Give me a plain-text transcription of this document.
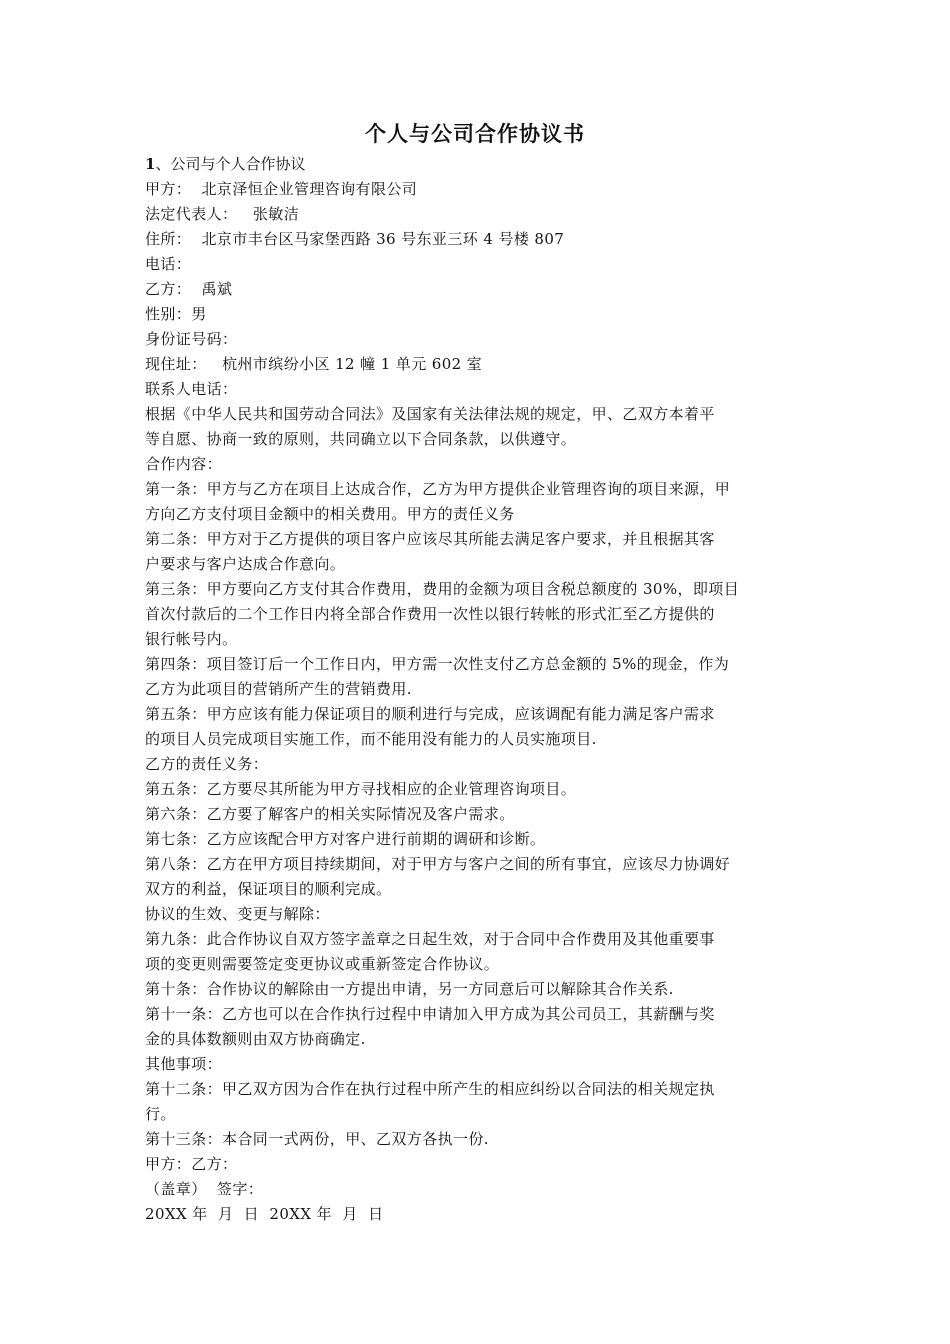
个人与公司合作协议书
1、公司与个人合作协议
甲方：  北京泽恒企业管理咨询有限公司
法定代表人：   张敏洁
住所：  北京市丰台区马家堡西路 36 号东亚三环 4 号楼 807
电话：
乙方：  禹斌
性别：男
身份证号码：
现住址：   杭州市缤纷小区 12 幢 1 单元 602 室
联系人电话：
根据《中华人民共和国劳动合同法》及国家有关法律法规的规定，甲、乙双方本着平
等自愿、协商一致的原则，共同确立以下合同条款，以供遵守。
合作内容：
第一条：甲方与乙方在项目上达成合作，乙方为甲方提供企业管理咨询的项目来源，甲
方向乙方支付项目金额中的相关费用。甲方的责任义务
第二条：甲方对于乙方提供的项目客户应该尽其所能去满足客户要求，并且根据其客
户要求与客户达成合作意向。
第三条：甲方要向乙方支付其合作费用，费用的金额为项目含税总额度的 30%，即项目
首次付款后的二个工作日内将全部合作费用一次性以银行转帐的形式汇至乙方提供的
银行帐号内。
第四条：项目签订后一个工作日内，甲方需一次性支付乙方总金额的 5%的现金，作为
乙方为此项目的营销所产生的营销费用.
第五条：甲方应该有能力保证项目的顺利进行与完成，应该调配有能力满足客户需求
的项目人员完成项目实施工作，而不能用没有能力的人员实施项目.
乙方的责任义务：
第五条：乙方要尽其所能为甲方寻找相应的企业管理咨询项目。
第六条：乙方要了解客户的相关实际情况及客户需求。
第七条：乙方应该配合甲方对客户进行前期的调研和诊断。
第八条：乙方在甲方项目持续期间，对于甲方与客户之间的所有事宜，应该尽力协调好
双方的利益，保证项目的顺利完成。
协议的生效、变更与解除：
第九条：此合作协议自双方签字盖章之日起生效，对于合同中合作费用及其他重要事
项的变更则需要签定变更协议或重新签定合作协议。
第十条：合作协议的解除由一方提出申请，另一方同意后可以解除其合作关系.
第十一条：乙方也可以在合作执行过程中申请加入甲方成为其公司员工，其薪酬与奖
金的具体数额则由双方协商确定.
其他事项：
第十二条：甲乙双方因为合作在执行过程中所产生的相应纠纷以合同法的相关规定执
行。
第十三条：本合同一式两份，甲、乙双方各执一份.
甲方：乙方：
（盖章）  签字：
20XX 年  月  日  20XX 年  月  日
